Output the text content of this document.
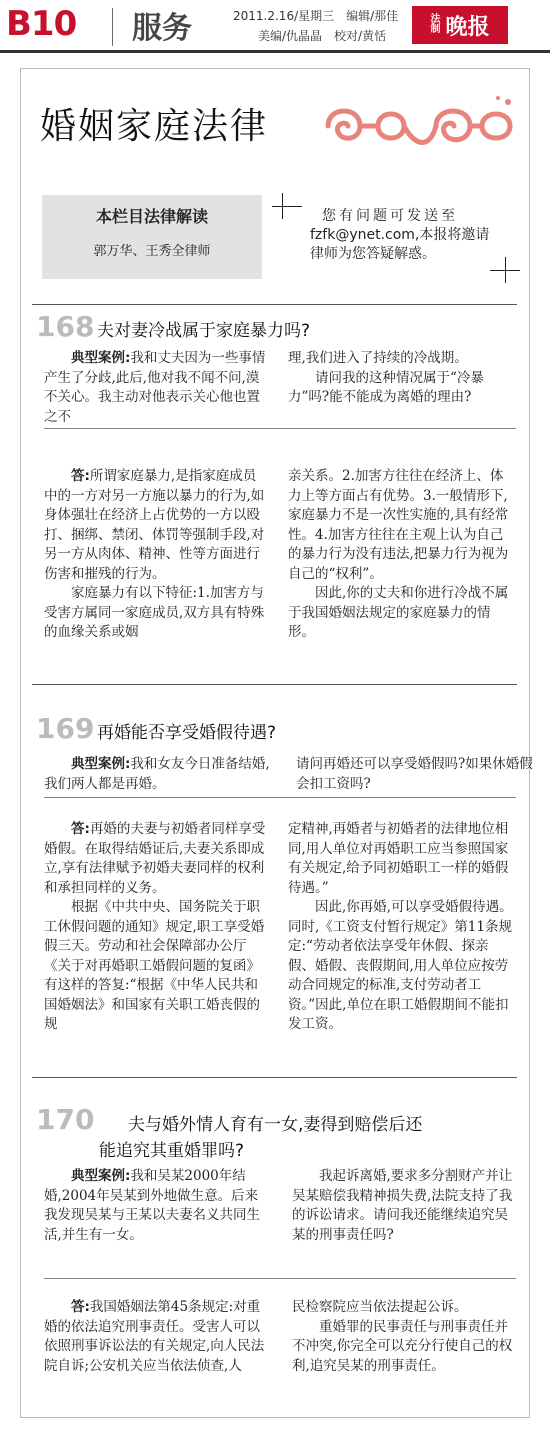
B10 服务	2011.2.16/星期三　编辑/那佳
美编/仇晶晶　校对/黄恬
法制 晚报
婚姻家庭法律
本栏目法律解读
郭万华、王秀全律师

您有问题可发送至

fzfk@ynet.com,本报将邀请

律师为您答疑解惑。

168 夫对妻冷战属于家庭暴力吗?

典型案例:我和丈夫因为一些事情产生了分歧,此后,他对我不闻不问,漠不关心。我主动对他表示关心他也置之不

理,我们进入了持续的冷战期。

请问我的这种情况属于“冷暴力”吗?能不能成为离婚的理由?

答:所谓家庭暴力,是指家庭成员中的一方对另一方施以暴力的行为,如身体强壮在经济上占优势的一方以殴打、捆绑、禁闭、体罚等强制手段,对另一方从肉体、精神、性等方面进行伤害和摧残的行为。

家庭暴力有以下特征:1.加害方与受害方属同一家庭成员,双方具有特殊的血缘关系或姻

亲关系。2.加害方往往在经济上、体力上等方面占有优势。3.一般情形下,家庭暴力不是一次性实施的,具有经常性。4.加害方往往在主观上认为自己的暴力行为没有违法,把暴力行为视为自己的“权利”。

因此,你的丈夫和你进行冷战不属于我国婚姻法规定的家庭暴力的情形。

169 再婚能否享受婚假待遇?

典型案例:我和女友今日准备结婚,我们两人都是再婚。

请问再婚还可以享受婚假吗?如果休婚假会扣工资吗?

答:再婚的夫妻与初婚者同样享受婚假。在取得结婚证后,夫妻关系即成立,享有法律赋予初婚夫妻同样的权利和承担同样的义务。

根据《中共中央、国务院关于职工休假问题的通知》规定,职工享受婚假三天。劳动和社会保障部办公厅《关于对再婚职工婚假问题的复函》有这样的答复:“根据《中华人民共和国婚姻法》和国家有关职工婚丧假的规

定精神,再婚者与初婚者的法律地位相同,用人单位对再婚职工应当参照国家有关规定,给予同初婚职工一样的婚假待遇。”

因此,你再婚,可以享受婚假待遇。同时,《工资支付暂行规定》第11条规定:“劳动者依法享受年休假、探亲假、婚假、丧假期间,用人单位应按劳动合同规定的标准,支付劳动者工资。”因此,单位在职工婚假期间不能扣发工资。

170 夫与婚外情人育有一女,妻得到赔偿后还
能追究其重婚罪吗?

典型案例:我和吴某2000年结婚,2004年吴某到外地做生意。后来我发现吴某与王某以夫妻名义共同生活,并生有一女。

我起诉离婚,要求多分割财产并让吴某赔偿我精神损失费,法院支持了我的诉讼请求。请问我还能继续追究吴某的刑事责任吗?

答:我国婚姻法第45条规定:对重婚的依法追究刑事责任。受害人可以依照刑事诉讼法的有关规定,向人民法院自诉;公安机关应当依法侦查,人

民检察院应当依法提起公诉。

重婚罪的民事责任与刑事责任并不冲突,你完全可以充分行使自己的权利,追究吴某的刑事责任。
